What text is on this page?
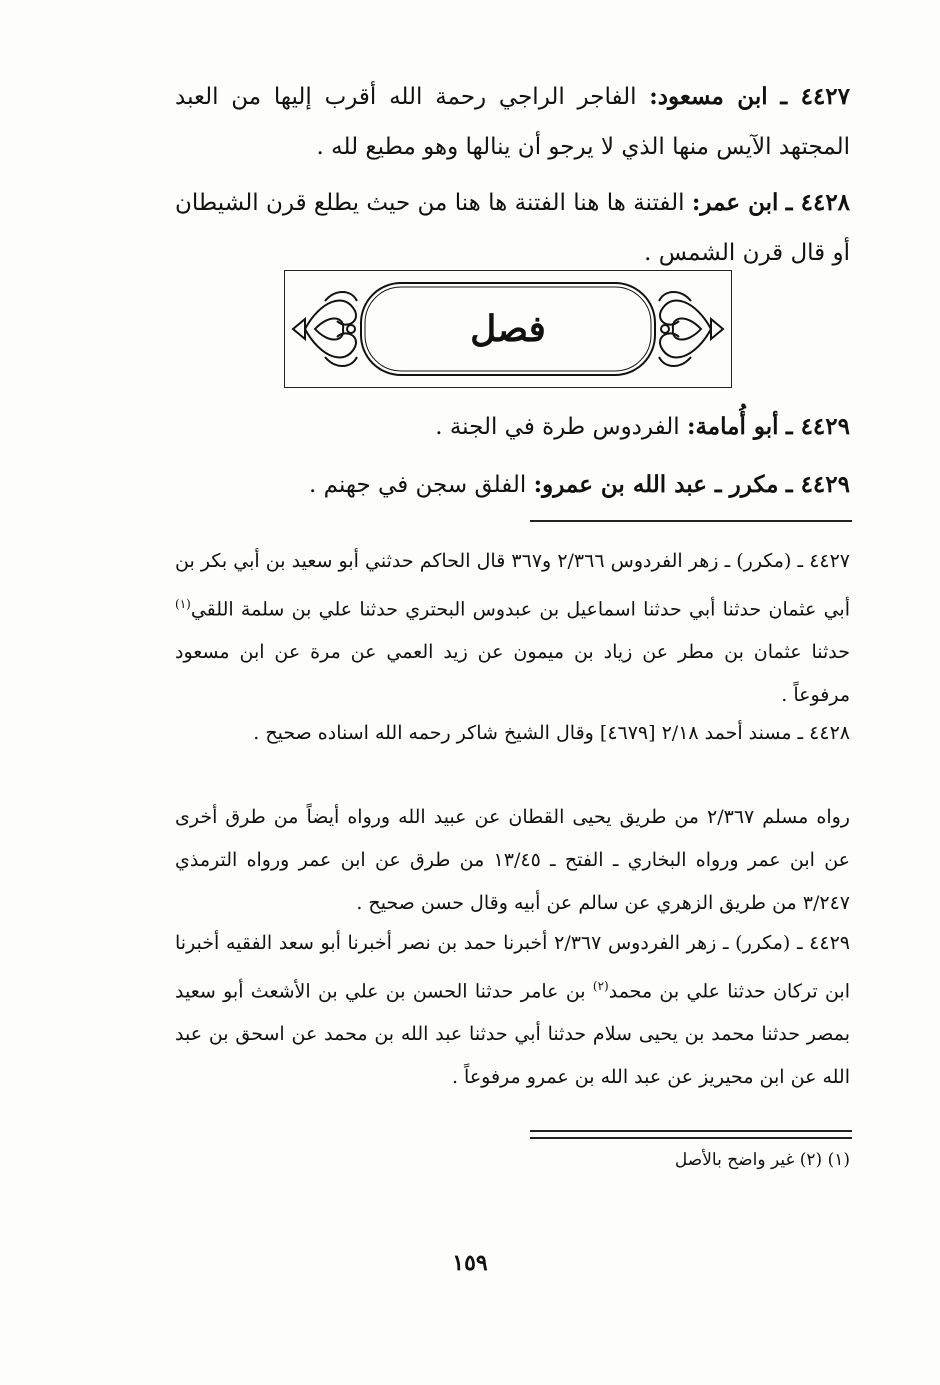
٤٤٢٧ ـ ابن مسعود: الفاجر الراجي رحمة الله أقرب إليها من العبد المجتهد الآيس منها الذي لا يرجو أن ينالها وهو مطيع لله .
٤٤٢٨ ـ ابن عمر: الفتنة ها هنا الفتنة ها هنا من حيث يطلع قرن الشيطان أو قال قرن الشمس .
فصل
٤٤٢٩ ـ أبو أُمامة: الفردوس طرة في الجنة .
٤٤٢٩ ـ مكرر ـ عبد الله بن عمرو: الفلق سجن في جهنم .
٤٤٢٧ ـ (مكرر) ـ زهر الفردوس ٢/٣٦٦ و٣٦٧ قال الحاكم حدثني أبو سعيد بن أبي بكر بن أبي عثمان حدثنا أبي حدثنا اسماعيل بن عبدوس البحتري حدثنا علي بن سلمة اللقي$^{(١)}$ حدثنا عثمان بن مطر عن زياد بن ميمون عن زيد العمي عن مرة عن ابن مسعود مرفوعاً .
٤٤٢٨ ـ مسند أحمد ٢/١٨ [٤٦٧٩] وقال الشيخ شاكر رحمه الله اسناده صحيح .
رواه مسلم ٢/٣٦٧ من طريق يحيى القطان عن عبيد الله ورواه أيضاً من طرق أخرى عن ابن عمر ورواه البخاري ـ الفتح ـ ١٣/٤٥ من طرق عن ابن عمر ورواه الترمذي ٣/٢٤٧ من طريق الزهري عن سالم عن أبيه وقال حسن صحيح .
٤٤٢٩ ـ (مكرر) ـ زهر الفردوس ٢/٣٦٧ أخبرنا حمد بن نصر أخبرنا أبو سعد الفقيه أخبرنا ابن تركان حدثنا علي بن محمد$^{(٢)}$ بن عامر حدثنا الحسن بن علي بن الأشعث أبو سعيد بمصر حدثنا محمد بن يحيى سلام حدثنا أبي حدثنا عبد الله بن محمد عن اسحق بن عبد الله عن ابن محيريز عن عبد الله بن عمرو مرفوعاً .
(١) (٢) غير واضح بالأصل
١٥٩
